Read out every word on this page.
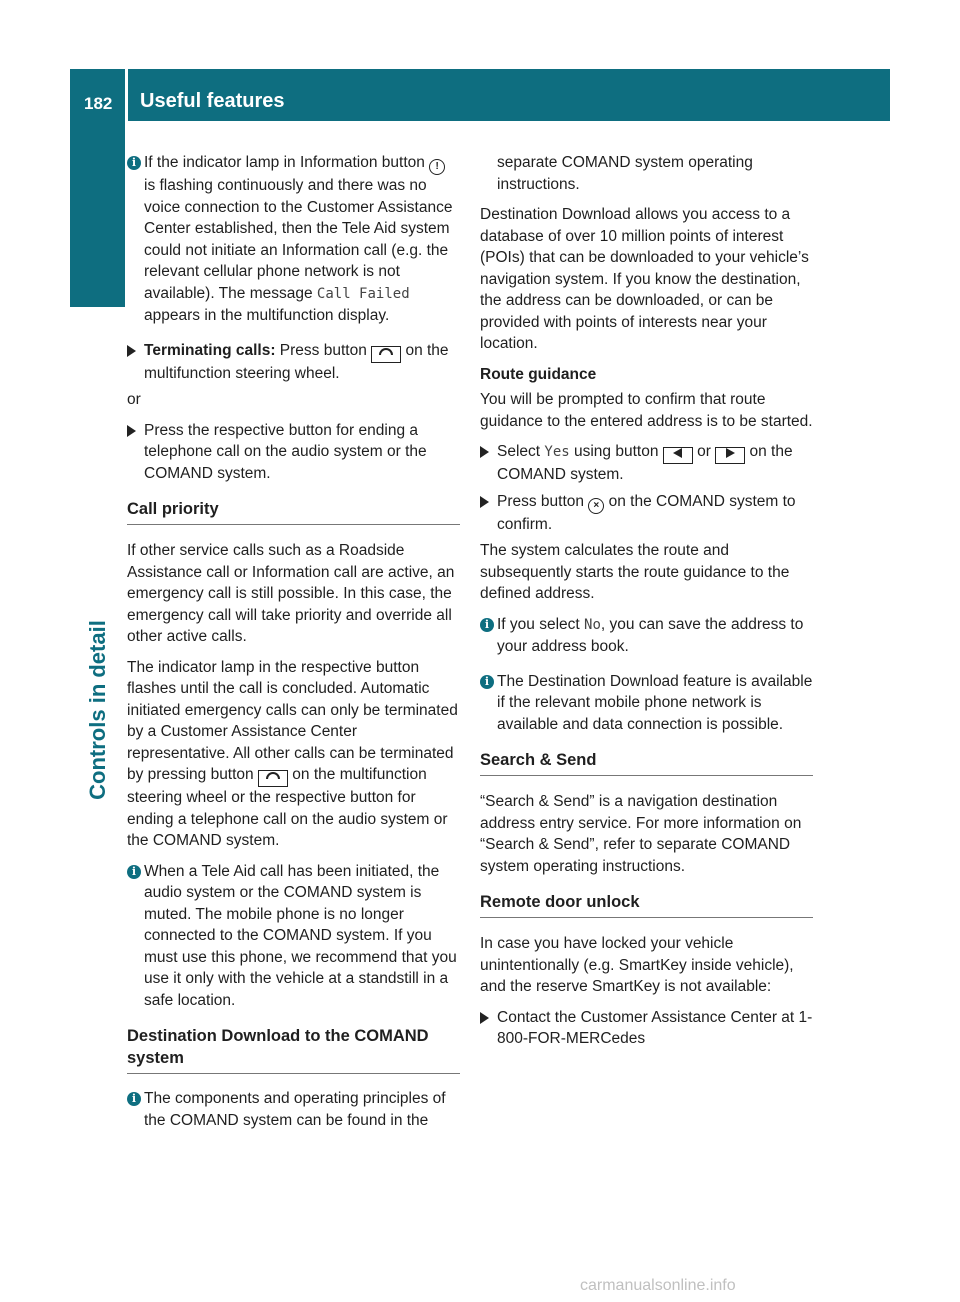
182 Useful features
Controls in detail
i If the indicator lamp in Information button ! is flashing continuously and there was no voice connection to the Customer Assistance Center established, then the Tele Aid system could not initiate an Information call (e.g. the relevant cellular phone network is not available). The message Call Failed appears in the multifunction display.
Terminating calls: Press button  on the multifunction steering wheel.

or

Press the respective button for ending a telephone call on the audio system or the COMAND system.
Call priority

If other service calls such as a Roadside Assistance call or Information call are active, an emergency call is still possible. In this case, the emergency call will take priority and override all other active calls.

The indicator lamp in the respective button flashes until the call is concluded. Automatic initiated emergency calls can only be terminated by a Customer Assistance Center representative. All other calls can be terminated by pressing button  on the multifunction steering wheel or the respective button for ending a telephone call on the audio system or the COMAND system.

i When a Tele Aid call has been initiated, the audio system or the COMAND system is muted. The mobile phone is no longer connected to the COMAND system. If you must use this phone, we recommend that you use it only with the vehicle at a standstill in a safe location.
Destination Download to the COMAND system
i The components and operating principles of the COMAND system can be found in the

separate COMAND system operating instructions.

Destination Download allows you access to a database of over 10 million points of interest (POIs) that can be downloaded to your vehicle’s navigation system. If you know the destination, the address can be downloaded, or can be provided with points of interests near your location.

Route guidance

You will be prompted to confirm that route guidance to the entered address is to be started.

Select Yes using button  or  on the COMAND system.
Press button × on the COMAND system to confirm.

The system calculates the route and subsequently starts the route guidance to the defined address.

i If you select No, you can save the address to your address book.
i The Destination Download feature is available if the relevant mobile phone network is available and data connection is possible.
Search & Send

“Search & Send” is a navigation destination address entry service. For more information on “Search & Send”, refer to separate COMAND system operating instructions.

Remote door unlock

In case you have locked your vehicle unintentionally (e.g. SmartKey inside vehicle), and the reserve SmartKey is not available:

Contact the Customer Assistance Center at 1-800-FOR-MERCedes
carmanualsonline.info
